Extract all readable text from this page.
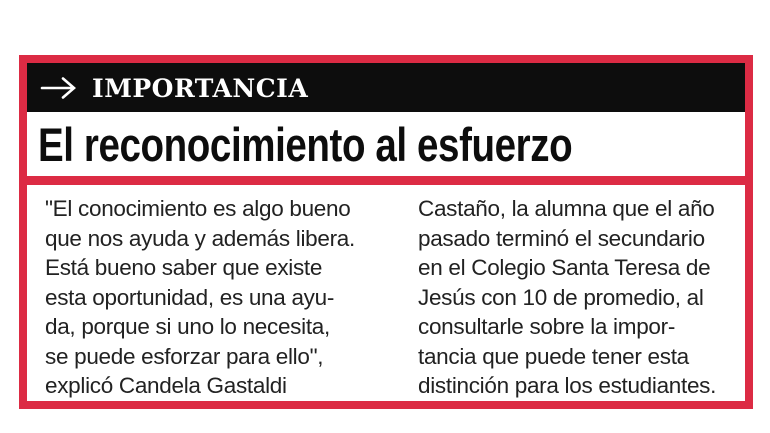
IMPORTANCIA
El reconocimiento al esfuerzo
"El conocimiento es algo bueno
que nos ayuda y además libera.
Está bueno saber que existe
esta oportunidad, es una ayu-
da, porque si uno lo necesita,
se puede esforzar para ello",
explicó Candela Gastaldi
Castaño, la alumna que el año
pasado terminó el secundario
en el Colegio Santa Teresa de
Jesús con 10 de promedio, al
consultarle sobre la impor-
tancia que puede tener esta
distinción para los estudiantes.
